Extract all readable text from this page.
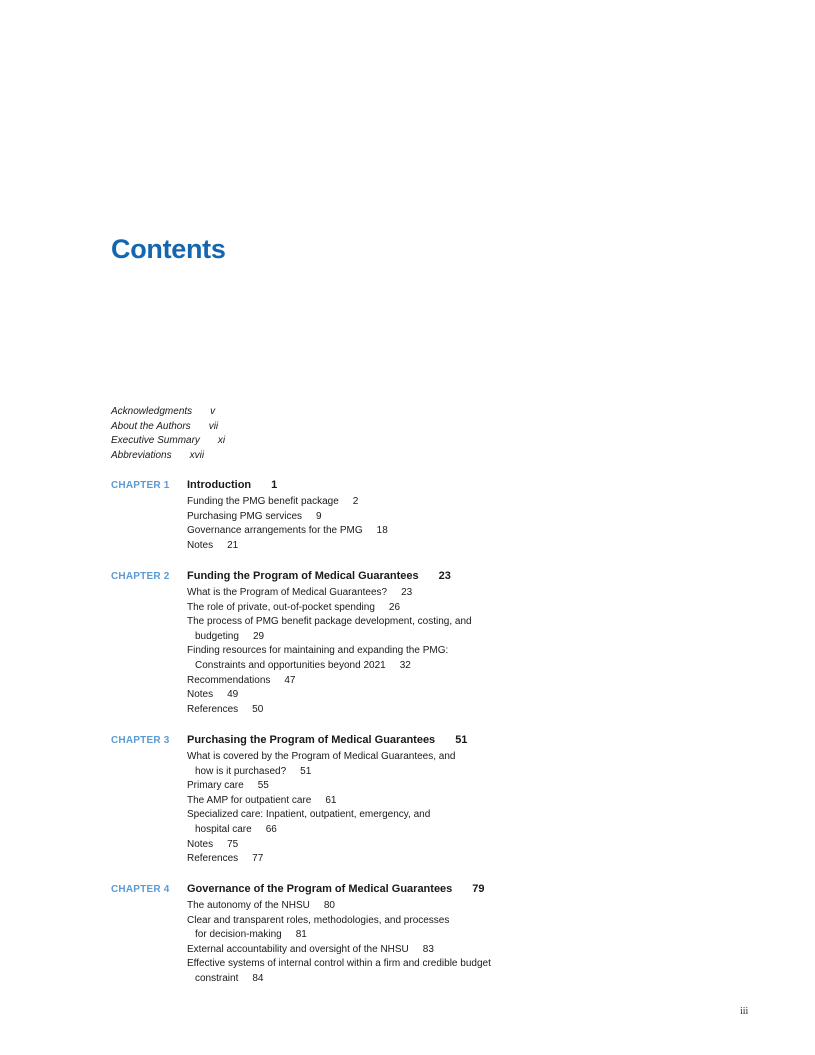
Contents
Acknowledgments v
About the Authors vii
Executive Summary xi
Abbreviations xvii
CHAPTER 1 Introduction 1
Funding the PMG benefit package 2
Purchasing PMG services 9
Governance arrangements for the PMG 18
Notes 21
CHAPTER 2 Funding the Program of Medical Guarantees 23
What is the Program of Medical Guarantees? 23
The role of private, out-of-pocket spending 26
The process of PMG benefit package development, costing, and
budgeting 29
Finding resources for maintaining and expanding the PMG:
Constraints and opportunities beyond 2021 32
Recommendations 47
Notes 49
References 50
CHAPTER 3 Purchasing the Program of Medical Guarantees 51
What is covered by the Program of Medical Guarantees, and
how is it purchased? 51
Primary care 55
The AMP for outpatient care 61
Specialized care: Inpatient, outpatient, emergency, and
hospital care 66
Notes 75
References 77
CHAPTER 4 Governance of the Program of Medical Guarantees 79
The autonomy of the NHSU 80
Clear and transparent roles, methodologies, and processes
for decision-making 81
External accountability and oversight of the NHSU 83
Effective systems of internal control within a firm and credible budget
constraint 84
iii
